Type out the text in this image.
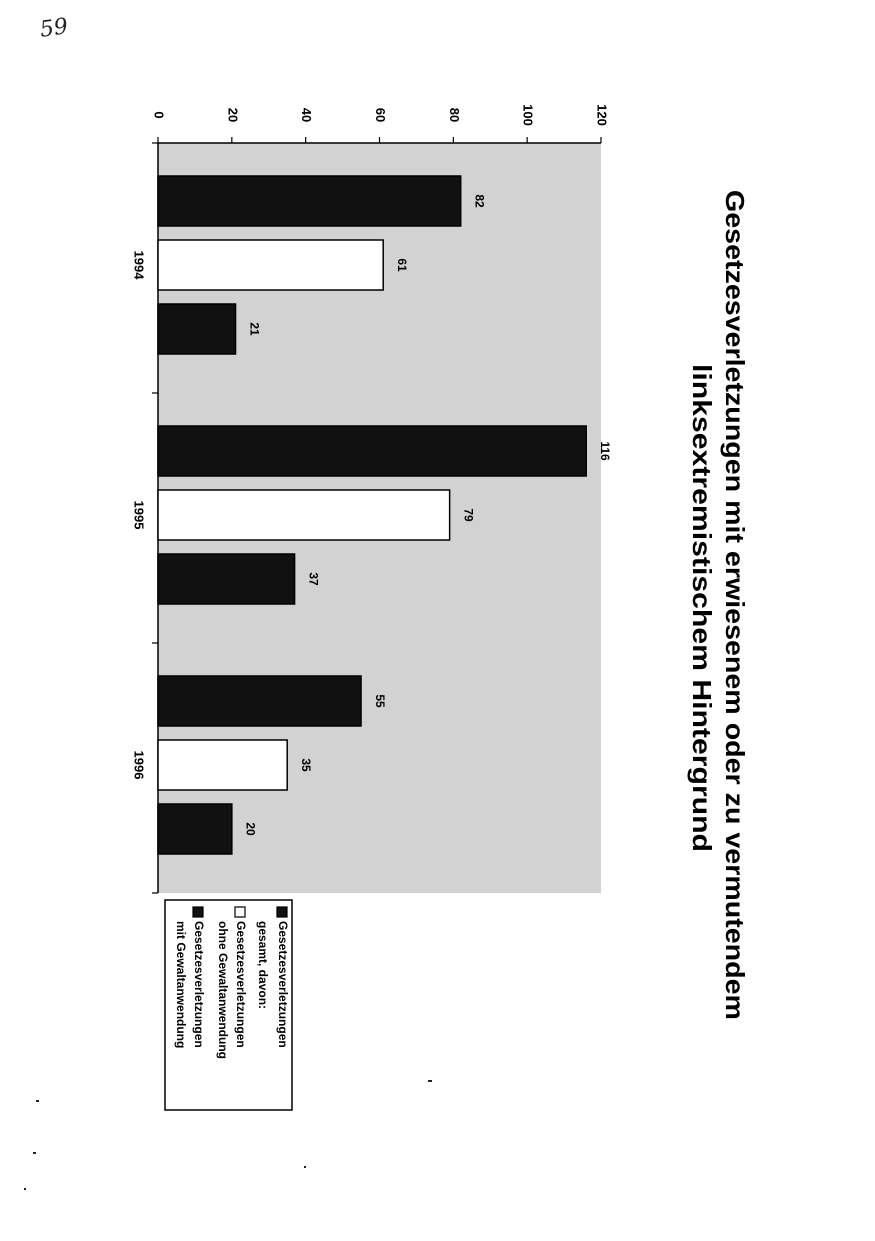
59
0	20	40	60	80	100	120
82
61
21
1994
116
79
37
1995
55
35
20
1996	Gesetzesverletzungen mit erwiesenem oder zu vermutendem
linksextremistischem Hintergrund
Gesetzesverletzungen
gesamt, davon:
Gesetzesverletzungen
ohne Gewaltanwendung
Gesetzesverletzungen
mit Gewaltanwendung
